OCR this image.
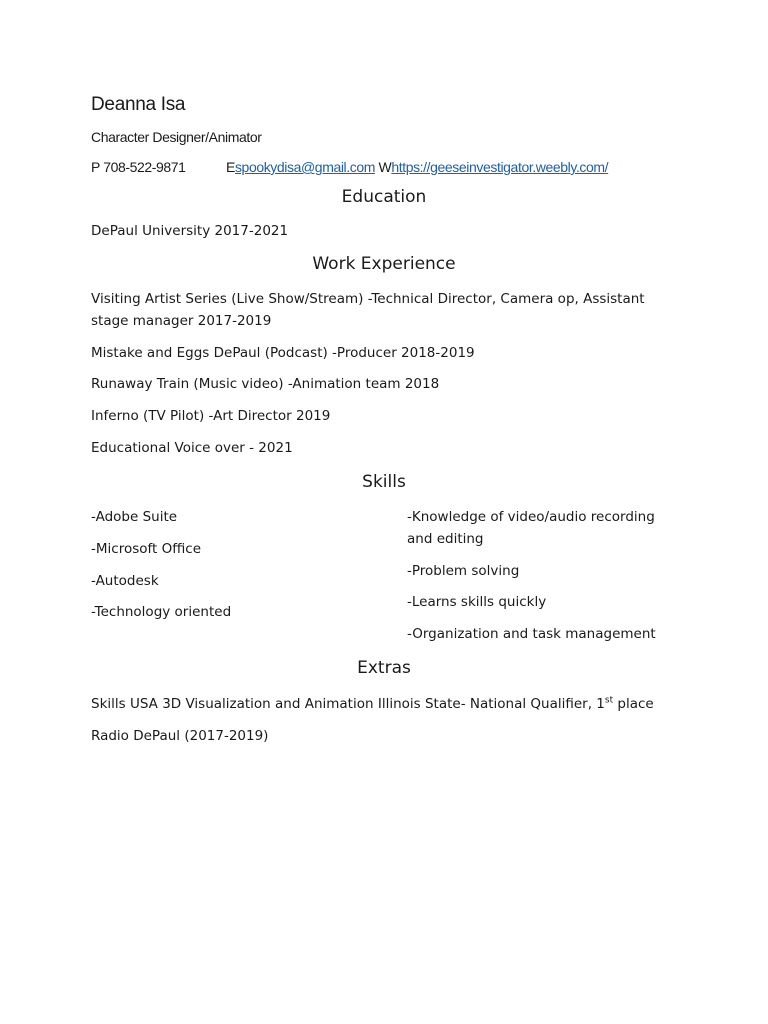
Deanna Isa
Character Designer/Animator
P 708-522-9871	Espookydisa@gmail.com Whttps://geeseinvestigator.weebly.com/
Education
DePaul University 2017-2021
Work Experience
Visiting Artist Series (Live Show/Stream) -Technical Director, Camera op, Assistant
stage manager 2017-2019
Mistake and Eggs DePaul (Podcast) -Producer 2018-2019
Runaway Train (Music video) -Animation team 2018
Inferno (TV Pilot) -Art Director 2019
Educational Voice over - 2021
Skills
-Adobe Suite
-Microsoft Office
-Autodesk
-Technology oriented
-Knowledge of video/audio recording
and editing
-Problem solving
-Learns skills quickly
-Organization and task management
Extras
Skills USA 3D Visualization and Animation Illinois State- National Qualifier, 1st place
Radio DePaul (2017-2019)
